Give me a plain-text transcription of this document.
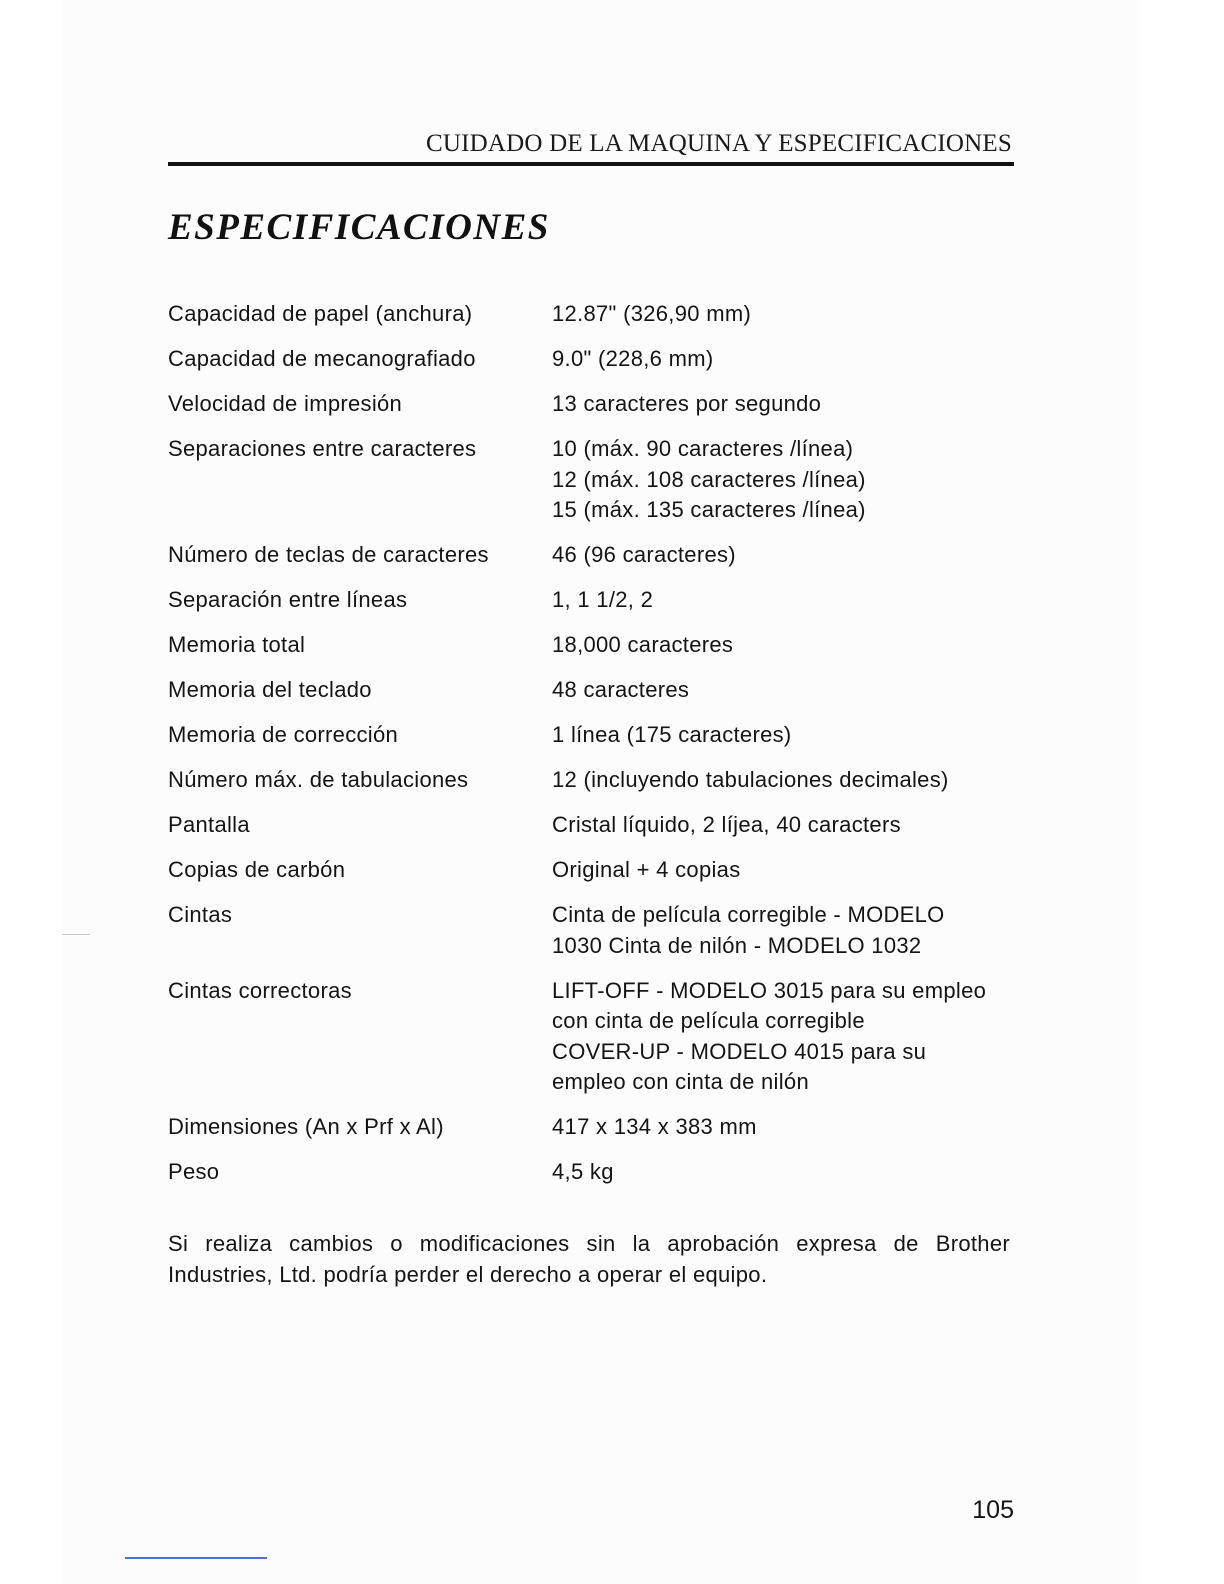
CUIDADO DE LA MAQUINA Y ESPECIFICACIONES
ESPECIFICACIONES
Capacidad de papel (anchura)	12.87" (326,90 mm)
Capacidad de mecanografiado	9.0" (228,6 mm)
Velocidad de impresión	13 caracteres por segundo
Separaciones entre caracteres	10 (máx. 90 caracteres /línea)
12 (máx. 108 caracteres /línea)
15 (máx. 135 caracteres /línea)
Número de teclas de caracteres	46 (96 caracteres)
Separación entre líneas	1, 1 1/2, 2
Memoria total	18,000 caracteres
Memoria del teclado	48 caracteres
Memoria de corrección	1 línea (175 caracteres)
Número máx. de tabulaciones	12 (incluyendo tabulaciones decimales)
Pantalla	Cristal líquido, 2 líjea, 40 caracters
Copias de carbón	Original + 4 copias
Cintas	Cinta de película corregible - MODELO
1030 Cinta de nilón - MODELO 1032
Cintas correctoras	LIFT-OFF - MODELO 3015 para su empleo
con cinta de película corregible
COVER-UP - MODELO 4015 para su
empleo con cinta de nilón
Dimensiones (An x Prf x Al)	417 x 134 x 383 mm
Peso	4,5 kg

Si realiza cambios o modificaciones sin la aprobación expresa de Brother Industries, Ltd. podría perder el derecho a operar el equipo.

105
